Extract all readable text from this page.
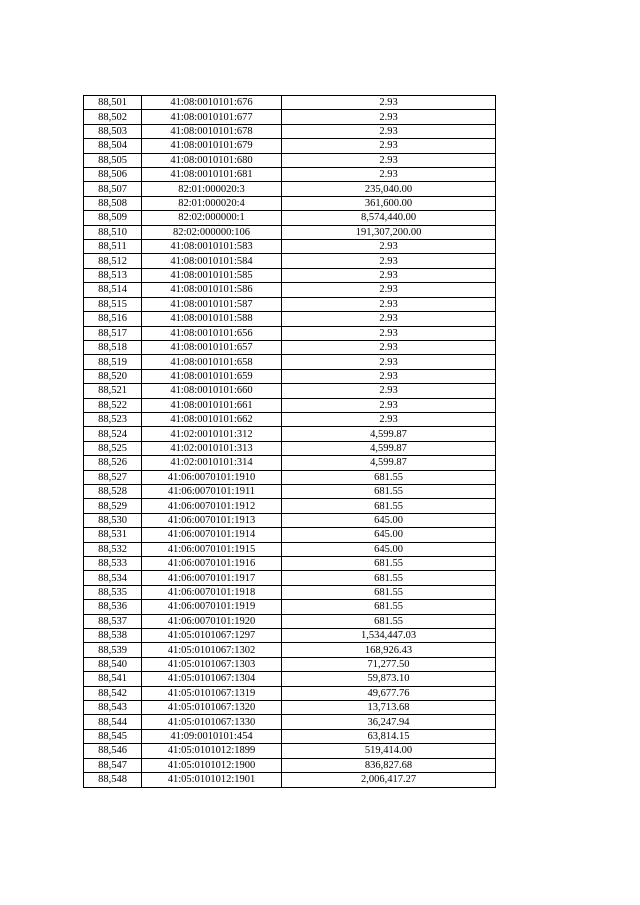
88,501	41:08:0010101:676	2.93
88,502	41:08:0010101:677	2.93
88,503	41:08:0010101:678	2.93
88,504	41:08:0010101:679	2.93
88,505	41:08:0010101:680	2.93
88,506	41:08:0010101:681	2.93
88,507	82:01:000020:3	235,040.00
88,508	82:01:000020:4	361,600.00
88,509	82:02:000000:1	8,574,440.00
88,510	82:02:000000:106	191,307,200.00
88,511	41:08:0010101:583	2.93
88,512	41:08:0010101:584	2.93
88,513	41:08:0010101:585	2.93
88,514	41:08:0010101:586	2.93
88,515	41:08:0010101:587	2.93
88,516	41:08:0010101:588	2.93
88,517	41:08:0010101:656	2.93
88,518	41:08:0010101:657	2.93
88,519	41:08:0010101:658	2.93
88,520	41:08:0010101:659	2.93
88,521	41:08:0010101:660	2.93
88,522	41:08:0010101:661	2.93
88,523	41:08:0010101:662	2.93
88,524	41:02:0010101:312	4,599.87
88,525	41:02:0010101:313	4,599.87
88,526	41:02:0010101:314	4,599.87
88,527	41:06:0070101:1910	681.55
88,528	41:06:0070101:1911	681.55
88,529	41:06:0070101:1912	681.55
88,530	41:06:0070101:1913	645.00
88,531	41:06:0070101:1914	645.00
88,532	41:06:0070101:1915	645.00
88,533	41:06:0070101:1916	681.55
88,534	41:06:0070101:1917	681.55
88,535	41:06:0070101:1918	681.55
88,536	41:06:0070101:1919	681.55
88,537	41:06:0070101:1920	681.55
88,538	41:05:0101067:1297	1,534,447.03
88,539	41:05:0101067:1302	168,926.43
88,540	41:05:0101067:1303	71,277.50
88,541	41:05:0101067:1304	59,873.10
88,542	41:05:0101067:1319	49,677.76
88,543	41:05:0101067:1320	13,713.68
88,544	41:05:0101067:1330	36,247.94
88,545	41:09:0010101:454	63,814.15
88,546	41:05:0101012:1899	519,414.00
88,547	41:05:0101012:1900	836,827.68
88,548	41:05:0101012:1901	2,006,417.27
